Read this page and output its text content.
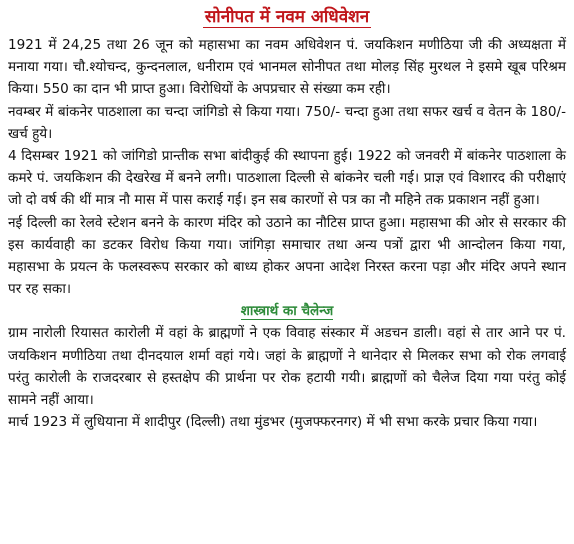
सोनीपत में नवम अधिवेशन

1921 में 24,25 तथा 26 जून को महासभा का नवम अधिवेशन पं. जयकिशन मणीठिया जी की अध्यक्षता में मनाया गया। चौ.श्योचन्द, कुन्दनलाल, धनीराम एवं भानमल सोनीपत तथा मोलड़ सिंह मुरथल ने इसमे खूब परिश्रम किया। 550 का दान भी प्राप्त हुआ। विरोधियों के अपप्रचार से संख्या कम रही।

नवम्बर में बांकनेर पाठशाला का चन्दा जांगिडो से किया गया। 750/- चन्दा हुआ तथा सफर खर्च व वेतन के 180/-खर्च हुये।

4 दिसम्बर 1921 को जांगिडो प्रान्तीक सभा बांदीकुई की स्थापना हुई। 1922 को जनवरी में बांकनेर पाठशाला के कमरे पं. जयकिशन की देखरेख में बनने लगी। पाठशाला दिल्ली से बांकनेर चली गई। प्राज्ञ एवं विशारद की परीक्षाएं जो दो वर्ष की थीं मात्र नौ मास में पास कराई गई। इन सब कारणों से पत्र का नौ महिने तक प्रकाशन नहीं हुआ।

नई दिल्ली का रेलवे स्टेशन बनने के कारण मंदिर को उठाने का नौटिस प्राप्त हुआ। महासभा की ओर से सरकार की इस कार्यवाही का डटकर विरोध किया गया। जांगिड़ा समाचार तथा अन्य पत्रों द्वारा भी आन्दोलन किया गया, महासभा के प्रयत्न के फलस्वरूप सरकार को बाध्य होकर अपना आदेश निरस्त करना पड़ा और मंदिर अपने स्थान पर रह सका।

शास्त्रार्थ का चैलेन्ज

ग्राम नारोली रियासत कारोली में वहां के ब्राह्मणों ने एक विवाह संस्कार में अडचन डाली। वहां से तार आने पर पं. जयकिशन मणीठिया तथा दीनदयाल शर्मा वहां गये। जहां के ब्राह्मणों ने थानेदार से मिलकर सभा को रोक लगवाई परंतु कारोली के राजदरबार से हस्तक्षेप की प्रार्थना पर रोक हटायी गयी। ब्राह्मणों को चैलेज दिया गया परंतु कोई सामने नहीं आया।

मार्च 1923 में लुधियाना में शादीपुर (दिल्ली) तथा मुंडभर (मुजफ्फरनगर) में भी सभा करके प्रचार किया गया।
